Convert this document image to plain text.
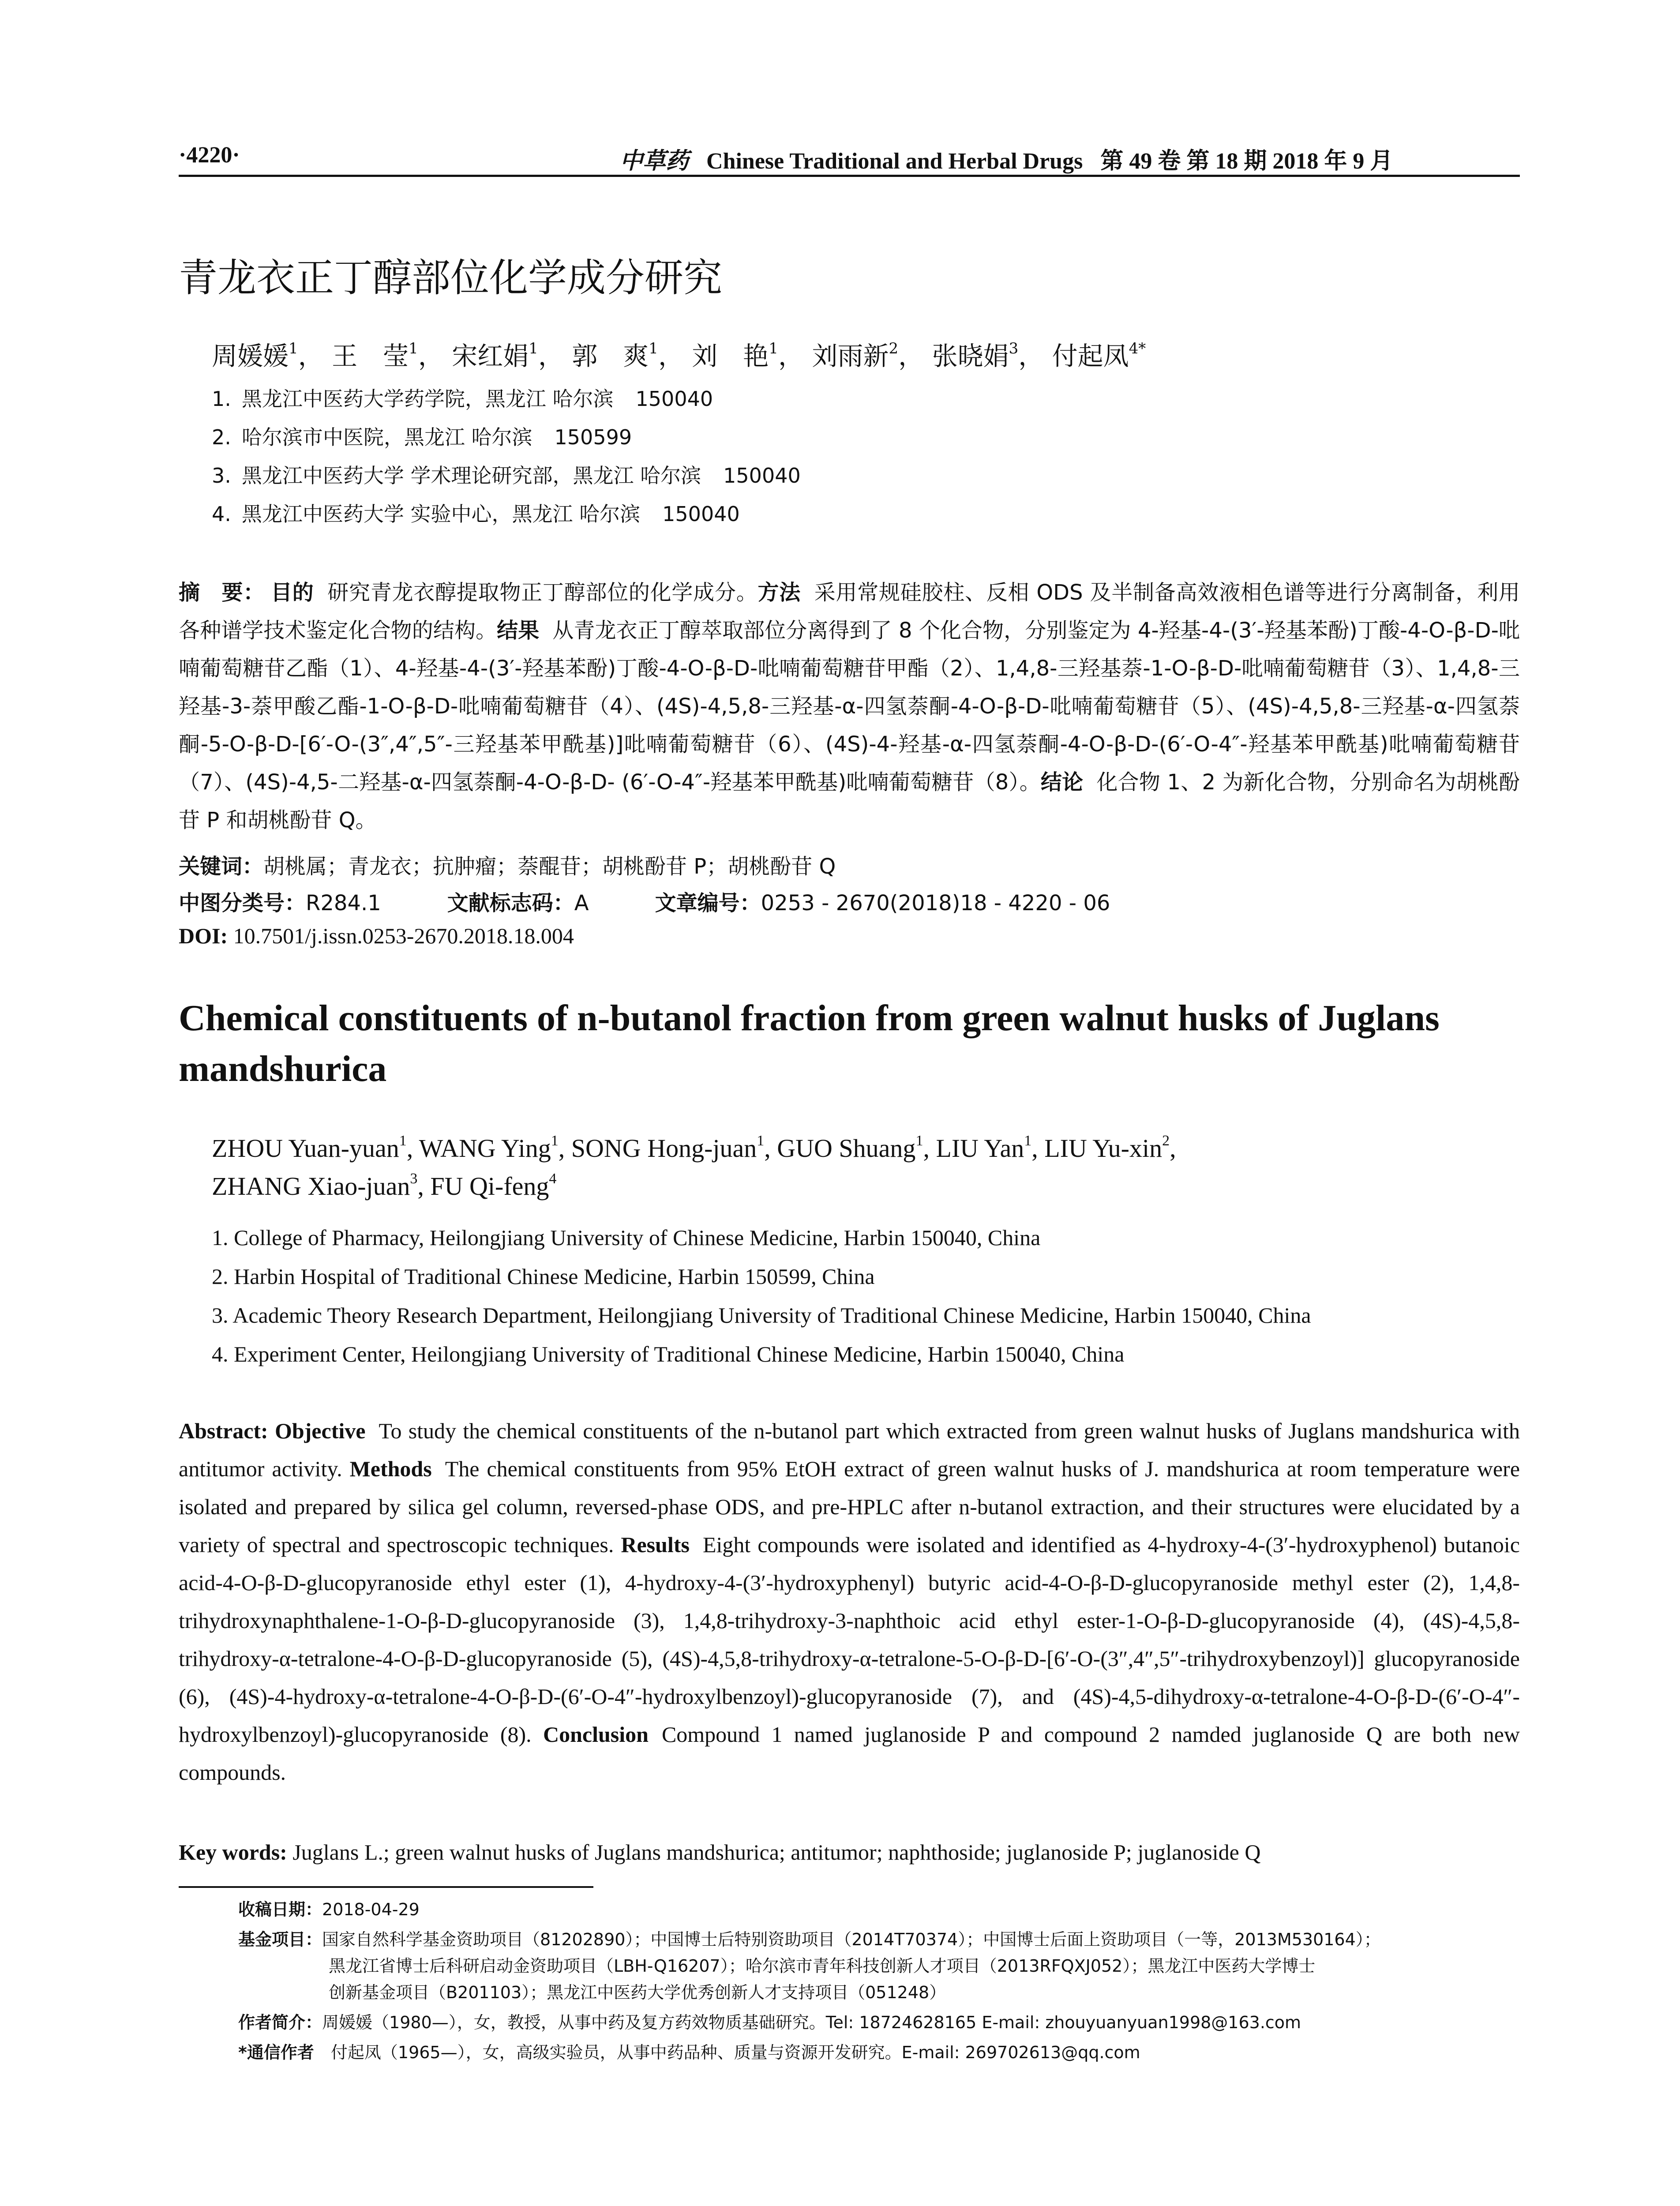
·4220·	中草药 Chinese Traditional and Herbal Drugs 第 49 卷 第 18 期 2018 年 9 月
青龙衣正丁醇部位化学成分研究
周媛媛$^1$， 王　莹$^1$， 宋红娟$^1$， 郭　爽$^1$， 刘　艳$^1$， 刘雨新$^2$， 张晓娟$^3$， 付起凤$^{4*}$
1. 黑龙江中医药大学药学院，黑龙江 哈尔滨 150040
2. 哈尔滨市中医院，黑龙江 哈尔滨 150599
3. 黑龙江中医药大学 学术理论研究部，黑龙江 哈尔滨 150040
4. 黑龙江中医药大学 实验中心，黑龙江 哈尔滨 150040
摘　要： 目的 研究青龙衣醇提取物正丁醇部位的化学成分。方法 采用常规硅胶柱、反相 ODS 及半制备高效液相色谱等进行分离制备，利用各种谱学技术鉴定化合物的结构。结果 从青龙衣正丁醇萃取部位分离得到了 8 个化合物，分别鉴定为 4-羟基-4-(3′-羟基苯酚)丁酸-4-O-β-D-吡喃葡萄糖苷乙酯（1）、4-羟基-4-(3′-羟基苯酚)丁酸-4-O-β-D-吡喃葡萄糖苷甲酯（2）、1,4,8-三羟基萘-1-O-β-D-吡喃葡萄糖苷（3）、1,4,8-三羟基-3-萘甲酸乙酯-1-O-β-D-吡喃葡萄糖苷（4）、(4S)-4,5,8-三羟基-α-四氢萘酮-4-O-β-D-吡喃葡萄糖苷（5）、(4S)-4,5,8-三羟基-α-四氢萘酮-5-O-β-D-[6′-O-(3″,4″,5″-三羟基苯甲酰基)]吡喃葡萄糖苷（6）、(4S)-4-羟基-α-四氢萘酮-4-O-β-D-(6′-O-4″-羟基苯甲酰基)吡喃葡萄糖苷（7）、(4S)-4,5-二羟基-α-四氢萘酮-4-O-β-D- (6′-O-4″-羟基苯甲酰基)吡喃葡萄糖苷（8）。结论 化合物 1、2 为新化合物，分别命名为胡桃酚苷 P 和胡桃酚苷 Q。
关键词：胡桃属；青龙衣；抗肿瘤；萘醌苷；胡桃酚苷 P；胡桃酚苷 Q
中图分类号：R284.1	文献标志码：A	文章编号：0253 - 2670(2018)18 - 4220 - 06
DOI: 10.7501/j.issn.0253-2670.2018.18.004
Chemical constituents of n-butanol fraction from green walnut husks of Juglans mandshurica
ZHOU Yuan-yuan$^1$, WANG Ying$^1$, SONG Hong-juan$^1$, GUO Shuang$^1$, LIU Yan$^1$, LIU Yu-xin$^2$,
ZHANG Xiao-juan$^3$, FU Qi-feng$^4$
1. College of Pharmacy, Heilongjiang University of Chinese Medicine, Harbin 150040, China
2. Harbin Hospital of Traditional Chinese Medicine, Harbin 150599, China
3. Academic Theory Research Department, Heilongjiang University of Traditional Chinese Medicine, Harbin 150040, China
4. Experiment Center, Heilongjiang University of Traditional Chinese Medicine, Harbin 150040, China
Abstract: Objective To study the chemical constituents of the n-butanol part which extracted from green walnut husks of Juglans mandshurica with antitumor activity. Methods The chemical constituents from 95% EtOH extract of green walnut husks of J. mandshurica at room temperature were isolated and prepared by silica gel column, reversed-phase ODS, and pre-HPLC after n-butanol extraction, and their structures were elucidated by a variety of spectral and spectroscopic techniques. Results Eight compounds were isolated and identified as 4-hydroxy-4-(3′-hydroxyphenol) butanoic acid-4-O-β-D-glucopyranoside ethyl ester (1), 4-hydroxy-4-(3′-hydroxyphenyl) butyric acid-4-O-β-D-glucopyranoside methyl ester (2), 1,4,8-trihydroxynaphthalene-1-O-β-D-glucopyranoside (3), 1,4,8-trihydroxy-3-naphthoic acid ethyl ester-1-O-β-D-glucopyranoside (4), (4S)-4,5,8-trihydroxy-α-tetralone-4-O-β-D-glucopyranoside (5), (4S)-4,5,8-trihydroxy-α-tetralone-5-O-β-D-[6′-O-(3″,4″,5″-trihydroxybenzoyl)] glucopyranoside (6), (4S)-4-hydroxy-α-tetralone-4-O-β-D-(6′-O-4″-hydroxylbenzoyl)-glucopyranoside (7), and (4S)-4,5-dihydroxy-α-tetralone-4-O-β-D-(6′-O-4″-hydroxylbenzoyl)-glucopyranoside (8). Conclusion Compound 1 named juglanoside P and compound 2 namded juglanoside Q are both new compounds.
Key words: Juglans L.; green walnut husks of Juglans mandshurica; antitumor; naphthoside; juglanoside P; juglanoside Q
收稿日期：2018-04-29
基金项目：国家自然科学基金资助项目（81202890）；中国博士后特别资助项目（2014T70374）；中国博士后面上资助项目（一等，2013M530164）；
黑龙江省博士后科研启动金资助项目（LBH-Q16207）；哈尔滨市青年科技创新人才项目（2013RFQXJ052）；黑龙江中医药大学博士
创新基金项目（B201103）；黑龙江中医药大学优秀创新人才支持项目（051248）
作者简介：周媛媛（1980—），女，教授，从事中药及复方药效物质基础研究。Tel: 18724628165 E-mail: zhouyuanyuan1998@163.com
*通信作者　 付起凤（1965—），女，高级实验员，从事中药品种、质量与资源开发研究。E-mail: 269702613@qq.com
